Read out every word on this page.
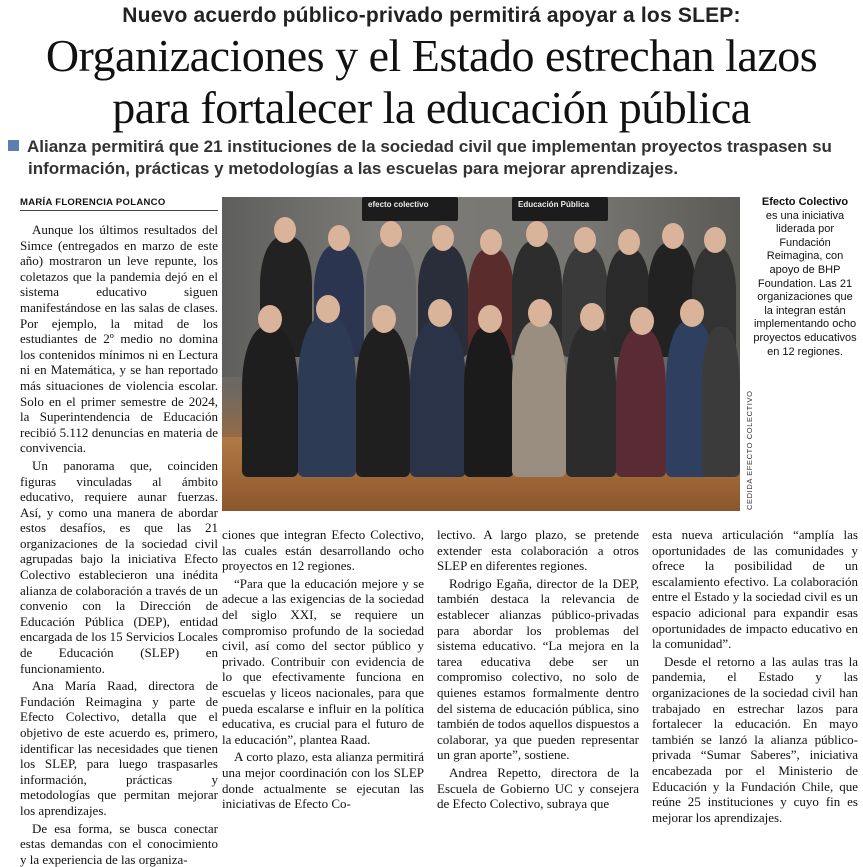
Nuevo acuerdo público-privado permitirá apoyar a los SLEP:
Organizaciones y el Estado estrechan lazos
para fortalecer la educación pública
Alianza permitirá que 21 instituciones de la sociedad civil que implementan proyectos traspasen su
información, prácticas y metodologías a las escuelas para mejorar aprendizajes.
MARÍA FLORENCIA POLANCO

Aunque los últimos resultados del Simce (entregados en marzo de este año) mostraron un leve repunte, los coletazos que la pandemia dejó en el sistema educativo siguen manifestándose en las salas de clases. Por ejemplo, la mitad de los estudiantes de 2º medio no domina los contenidos mínimos ni en Lectura ni en Matemática, y se han reportado más situaciones de violencia escolar. Solo en el primer semestre de 2024, la Superintendencia de Educación recibió 5.112 denuncias en materia de convivencia.

Un panorama que, coinciden figuras vinculadas al ámbito educativo, requiere aunar fuerzas. Así, y como una manera de abordar estos desafíos, es que las 21 organizaciones de la sociedad civil agrupadas bajo la iniciativa Efecto Colectivo establecieron una inédita alianza de colaboración a través de un convenio con la Dirección de Educación Pública (DEP), entidad encargada de los 15 Servicios Locales de Educación (SLEP) en funcionamiento.

Ana María Raad, directora de Fundación Reimagina y parte de Efecto Colectivo, detalla que el objetivo de este acuerdo es, primero, identificar las necesidades que tienen los SLEP, para luego traspasarles información, prácticas y metodologías que permitan mejorar los aprendizajes.

De esa forma, se busca conectar estas demandas con el conocimiento y la experiencia de las organiza-

efecto colectivo	Educación Pública
CEDIDA EFECTO COLECTIVO
Efecto Colectivo
es una iniciativa liderada por Fundación Reimagina, con apoyo de BHP Foundation. Las 21 organizaciones que la integran están implementando ocho proyectos educativos en 12 regiones.

ciones que integran Efecto Colectivo, las cuales están desarrollando ocho proyectos en 12 regiones.

“Para que la educación mejore y se adecue a las exigencias de la sociedad del siglo XXI, se requiere un compromiso profundo de la sociedad civil, así como del sector público y privado. Contribuir con evidencia de lo que efectivamente funciona en escuelas y liceos nacionales, para que pueda escalarse e influir en la política educativa, es crucial para el futuro de la educación”, plantea Raad.

A corto plazo, esta alianza permitirá una mejor coordinación con los SLEP donde actualmente se ejecutan las iniciativas de Efecto Co-

lectivo. A largo plazo, se pretende extender esta colaboración a otros SLEP en diferentes regiones.

Rodrigo Egaña, director de la DEP, también destaca la relevancia de establecer alianzas público-privadas para abordar los problemas del sistema educativo. “La mejora en la tarea educativa debe ser un compromiso colectivo, no solo de quienes estamos formalmente dentro del sistema de educación pública, sino también de todos aquellos dispuestos a colaborar, ya que pueden representar un gran aporte”, sostiene.

Andrea Repetto, directora de la Escuela de Gobierno UC y consejera de Efecto Colectivo, subraya que

esta nueva articulación “amplía las oportunidades de las comunidades y ofrece la posibilidad de un escalamiento efectivo. La colaboración entre el Estado y la sociedad civil es un espacio adicional para expandir esas oportunidades de impacto educativo en la comunidad”.

Desde el retorno a las aulas tras la pandemia, el Estado y las organizaciones de la sociedad civil han trabajado en estrechar lazos para fortalecer la educación. En mayo también se lanzó la alianza público-privada “Sumar Saberes”, iniciativa encabezada por el Ministerio de Educación y la Fundación Chile, que reúne 25 instituciones y cuyo fin es mejorar los aprendizajes.
